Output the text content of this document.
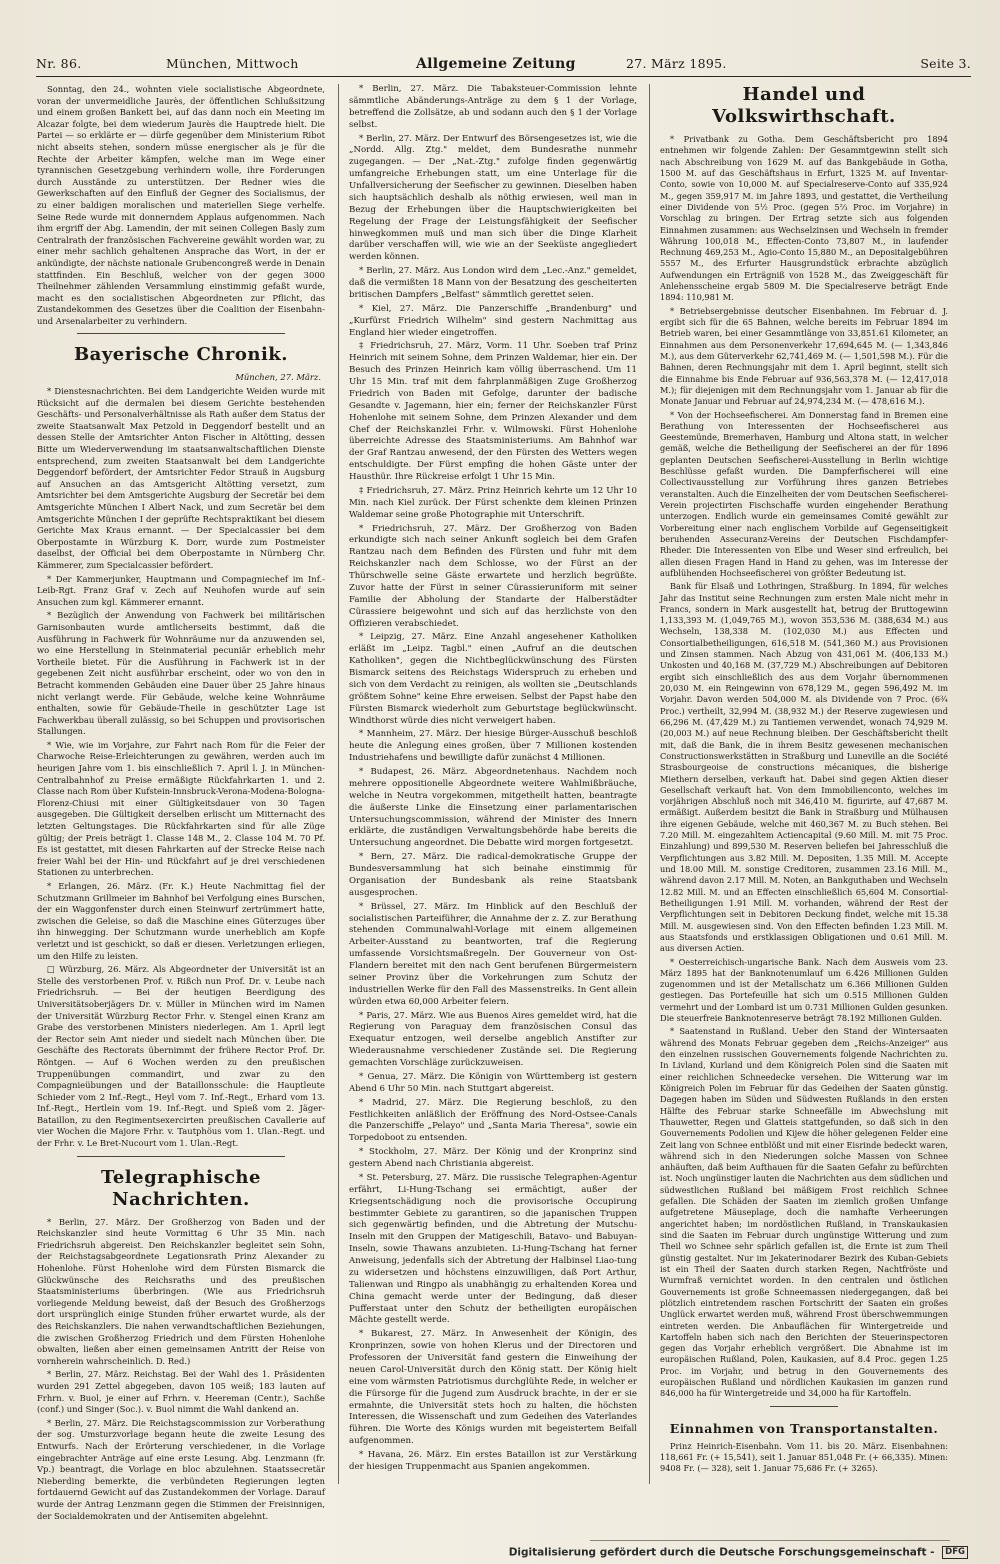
Nr. 86.	München, Mittwoch	Allgemeine Zeitung	27. März 1895.	Seite 3.

Sonntag, den 24., wohnten viele socialistische Abgeordnete, voran der unvermeidliche Jaurès, der öffentlichen Schlußsitzung und einem großen Bankett bei, auf das dann noch ein Meeting im Alcazar folgte, bei dem wiederum Jaurès die Hauptrede hielt. Die Partei — so erklärte er — dürfe gegenüber dem Ministerium Ribot nicht abseits stehen, sondern müsse energischer als je für die Rechte der Arbeiter kämpfen, welche man im Wege einer tyrannischen Gesetzgebung verhindern wolle, ihre Forderungen durch Ausstände zu unterstützen. Der Redner wies die Gewerkschaften auf den Einfluß der Gegner des Socialismus, der zu einer baldigen moralischen und materiellen Siege verhelfe. Seine Rede wurde mit donnerndem Applaus aufgenommen. Nach ihm ergriff der Abg. Lamendin, der mit seinen Collegen Basly zum Centralrath der französischen Fachvereine gewählt worden war, zu einer mehr sachlich gehaltenen Ansprache das Wort, in der er ankündigte, der nächste nationale Grubencongreß werde in Denain stattfinden. Ein Beschluß, welcher von der gegen 3000 Theilnehmer zählenden Versammlung einstimmig gefaßt wurde, macht es den socialistischen Abgeordneten zur Pflicht, das Zustandekommen des Gesetzes über die Coalition der Eisenbahn- und Arsenalarbeiter zu verhindern.

Bayerische Chronik.
München, 27. März.

* Dienstesnachrichten. Bei dem Landgerichte Weiden wurde mit Rücksicht auf die dermalen bei diesem Gerichte bestehenden Geschäfts- und Personalverhältnisse als Rath außer dem Status der zweite Staatsanwalt Max Petzold in Deggendorf bestellt und an dessen Stelle der Amtsrichter Anton Fischer in Altötting, dessen Bitte um Wiederverwendung im staatsanwaltschaftlichen Dienste entsprechend, zum zweiten Staatsanwalt bei dem Landgerichte Deggendorf befördert, der Amtsrichter Fedor Strauß in Augsburg auf Ansuchen an das Amtsgericht Altötting versetzt, zum Amtsrichter bei dem Amtsgerichte Augsburg der Secretär bei dem Amtsgerichte München I Albert Nack, und zum Secretär bei dem Amtsgerichte München I der geprüfte Rechtspraktikant bei diesem Gerichte Max Kraus ernannt. — Der Specialcassier bei dem Oberpostamte in Würzburg K. Dorr, wurde zum Postmeister daselbst, der Official bei dem Oberpostamte in Nürnberg Chr. Kämmerer, zum Specialcassier befördert.

* Der Kammerjunker, Hauptmann und Compagniechef im Inf.-Leib-Rgt. Franz Graf v. Zech auf Neuhofen wurde auf sein Ansuchen zum kgl. Kämmerer ernannt.

* Bezüglich der Anwendung von Fachwerk bei militärischen Garnisonbauten wurde amtlicherseits bestimmt, daß die Ausführung in Fachwerk für Wohnräume nur da anzuwenden sei, wo eine Herstellung in Steinmaterial pecuniär erheblich mehr Vortheile bietet. Für die Ausführung in Fachwerk ist in der gegebenen Zeit nicht ausführbar erscheint, oder wo von den in Betracht kommenden Gebäuden eine Dauer über 25 Jahre hinaus nicht verlangt werde. Für Gebäude, welche keine Wohnräume enthalten, sowie für Gebäude-Theile in geschützter Lage ist Fachwerkbau überall zulässig, so bei Schuppen und provisorischen Stallungen.

* Wie, wie im Vorjahre, zur Fahrt nach Rom für die Feier der Charwoche Reise-Erleichterungen zu gewähren, werden auch im heurigen Jahre vom 1. bis einschließlich 7. April l. J. in München-Centralbahnhof zu Preise ermäßigte Rückfahrkarten 1. und 2. Classe nach Rom über Kufstein-Innsbruck-Verona-Modena-Bologna-Florenz-Chiusi mit einer Gültigkeitsdauer von 30 Tagen ausgegeben. Die Gültigkeit derselben erlischt um Mitternacht des letzten Geltungstages. Die Rückfahrkarten sind für alle Züge gültig; der Preis beträgt 1. Classe 148 M., 2. Classe 104 M. 70 Pf. Es ist gestattet, mit diesen Fahrkarten auf der Strecke Reise nach freier Wahl bei der Hin- und Rückfahrt auf je drei verschiedenen Stationen zu unterbrechen.

* Erlangen, 26. März. (Fr. K.) Heute Nachmittag fiel der Schutzmann Grillmeier im Bahnhof bei Verfolgung eines Burschen, der ein Waggonfenster durch einen Steinwurf zertrümmert hatte, zwischen die Geleise, so daß die Maschine eines Güterzuges über ihn hinwegging. Der Schutzmann wurde unerheblich am Kopfe verletzt und ist geschickt, so daß er diesen. Verletzungen erliegen, um den Hilfe zu leisten.

□ Würzburg, 26. März. Als Abgeordneter der Universität ist an Stelle des verstorbenen Prof. v. Rißch nun Prof. Dr. v. Leube nach Friedrichsruh. — Bei der heutigen Beerdigung des Universitätsoberjägers Dr. v. Müller in München wird im Namen der Universität Würzburg Rector Frhr. v. Stengel einen Kranz am Grabe des verstorbenen Ministers niederlegen. Am 1. April legt der Rector sein Amt nieder und siedelt nach München über. Die Geschäfte des Rectorats übernimmt der frühere Rector Prof. Dr. Röntgen. — Auf 6 Wochen werden zu den preußischen Truppenübungen commandirt, und zwar zu den Compagnieübungen und der Bataillonsschule: die Hauptleute Schieder vom 2 Inf.-Regt., Heyl vom 7. Inf.-Regt., Erhard vom 13. Inf.-Regt., Hertlein vom 19. Inf.-Regt. und Spieß vom 2. Jäger-Bataillon, zu den Regimentsexercirten preußischen Cavallerie auf vier Wochen die Majore Frhr. v. Tautphöus vom 1. Ulan.-Regt. und der Frhr. v. Le Bret-Nucourt vom 1. Ulan.-Regt.

Telegraphische Nachrichten.

* Berlin, 27. März. Der Großherzog von Baden und der Reichskanzler sind heute Vormittag 6 Uhr 35 Min. nach Friedrichsruh abgereist. Den Reichskanzler begleitet sein Sohn, der Reichstagsabgeordnete Legationsrath Prinz Alexander zu Hohenlohe. Fürst Hohenlohe wird dem Fürsten Bismarck die Glückwünsche des Reichsraths und des preußischen Staatsministeriums überbringen. (Wie aus Friedrichsruh vorliegende Meldung beweist, daß der Besuch des Großherzogs dort ursprünglich einige Stunden früher erwartet wurde, als der des Reichskanzlers. Die nahen verwandtschaftlichen Beziehungen, die zwischen Großherzog Friedrich und dem Fürsten Hohenlohe obwalten, ließen aber einen gemeinsamen Antritt der Reise von vornherein wahrscheinlich. D. Red.)

* Berlin, 27. März. Reichstag. Bei der Wahl des 1. Präsidenten wurden 291 Zettel abgegeben, davon 105 weiß; 183 lauten auf Frhrn. v. Buol, je einer auf Frhrn. v. Heereman (Centr.), Sachße (conf.) und Singer (Soc.). v. Buol nimmt die Wahl dankend an.

* Berlin, 27. März. Die Reichstagscommission zur Vorberathung der sog. Umsturzvorlage begann heute die zweite Lesung des Entwurfs. Nach der Erörterung verschiedener, in die Vorlage eingebrachter Anträge auf eine erste Lesung. Abg. Lenzmann (fr. Vp.) beantragt, die Vorlage en bloc abzulehnen. Staatssecretär Nieberding bemerkte, die verbündeten Regierungen legten fortdauernd Gewicht auf das Zustandekommen der Vorlage. Darauf wurde der Antrag Lenzmann gegen die Stimmen der Freisinnigen, der Socialdemokraten und der Antisemiten abgelehnt.

* Berlin, 27. März. Die Tabaksteuer-Commission lehnte sämmtliche Abänderungs-Anträge zu dem § 1 der Vorlage, betreffend die Zollsätze, ab und sodann auch den § 1 der Vorlage selbst.

* Berlin, 27. März. Der Entwurf des Börsengesetzes ist, wie die „Nordd. Allg. Ztg." meldet, dem Bundesrathe nunmehr zugegangen. — Der „Nat.-Ztg." zufolge finden gegenwärtig umfangreiche Erhebungen statt, um eine Unterlage für die Unfallversicherung der Seefischer zu gewinnen. Dieselben haben sich hauptsächlich deshalb als nöthig erwiesen, weil man in Bezug der Erhebungen über die Hauptschwierigkeiten bei Regelung der Frage der Leistungsfähigkeit der Seefischer hinwegkommen muß und man sich über die Dinge Klarheit darüber verschaffen will, wie wie an der Seeküste angegliedert werden können.

* Berlin, 27. März. Aus London wird dem „Lec.-Anz." gemeldet, daß die vermißten 18 Mann von der Besatzung des gescheiterten britischen Dampfers „Belfast" sämmtlich gerettet seien.

* Kiel, 27. März. Die Panzerschiffe „Brandenburg" und „Kurfürst Friedrich Wilhelm" sind gestern Nachmittag aus England hier wieder eingetroffen.

‡ Friedrichsruh, 27. März, Vorm. 11 Uhr. Soeben traf Prinz Heinrich mit seinem Sohne, dem Prinzen Waldemar, hier ein. Der Besuch des Prinzen Heinrich kam völlig überraschend. Um 11 Uhr 15 Min. traf mit dem fahrplanmäßigen Zuge Großherzog Friedrich von Baden mit Gefolge, darunter der badische Gesandte v. Jagemann, hier ein; ferner der Reichskanzler Fürst Hohenlohe mit seinem Sohne, dem Prinzen Alexander und dem Chef der Reichskanzlei Frhr. v. Wilmowski. Fürst Hohenlohe überreichte Adresse des Staatsministeriums. Am Bahnhof war der Graf Rantzau anwesend, der den Fürsten des Wetters wegen entschuldigte. Der Fürst empfing die hohen Gäste unter der Hausthür. Ihre Rückreise erfolgt 1 Uhr 15 Min.

‡ Friedrichsruh, 27. März. Prinz Heinrich kehrte um 12 Uhr 10 Min. nach Kiel zurück. Der Fürst schenkte dem kleinen Prinzen Waldemar seine große Photographie mit Unterschrift.

* Friedrichsruh, 27. März. Der Großherzog von Baden erkundigte sich nach seiner Ankunft sogleich bei dem Grafen Rantzau nach dem Befinden des Fürsten und fuhr mit dem Reichskanzler nach dem Schlosse, wo der Fürst an der Thürschwelle seine Gäste erwartete und herzlich begrüßte. Zuvor hatte der Fürst in seiner Cürassieruniform mit seiner Familie der Abholung der Standarte der Halberstädter Cürassiere beigewohnt und sich auf das herzlichste von den Offizieren verabschiedet.

* Leipzig, 27. März. Eine Anzahl angesehener Katholiken erläßt im „Leipz. Tagbl." einen „Aufruf an die deutschen Katholiken", gegen die Nichtbeglückwünschung des Fürsten Bismarck seitens des Reichstags Widerspruch zu erheben und sich von dem Verdacht zu reinigen, als wollten sie „Deutschlands größtem Sohne" keine Ehre erweisen. Selbst der Papst habe den Fürsten Bismarck wiederholt zum Geburtstage beglückwünscht. Windthorst würde dies nicht verweigert haben.

* Mannheim, 27. März. Der hiesige Bürger-Ausschuß beschloß heute die Anlegung eines großen, über 7 Millionen kostenden Industriehafens und bewilligte dafür zunächst 4 Millionen.

* Budapest, 26. März. Abgeordnetenhaus. Nachdem noch mehrere oppositionelle Abgeordnete weitere Wahlmißbräuche, welche in Neutra vorgekommen, mitgetheilt hatten, beantragte die äußerste Linke die Einsetzung einer parlamentarischen Untersuchungscommission, während der Minister des Innern erklärte, die zuständigen Verwaltungsbehörde habe bereits die Untersuchung angeordnet. Die Debatte wird morgen fortgesetzt.

* Bern, 27. März. Die radical-demokratische Gruppe der Bundesversammlung hat sich beinahe einstimmig für Organisation der Bundesbank als reine Staatsbank ausgesprochen.

* Brüssel, 27. März. Im Hinblick auf den Beschluß der socialistischen Parteiführer, die Annahme der z. Z. zur Berathung stehenden Communalwahl-Vorlage mit einem allgemeinen Arbeiter-Ausstand zu beantworten, traf die Regierung umfassende Vorsichtsmaßregeln. Der Gouverneur von Ost-Flandern bereitet mit den nach Gent berufenen Bürgermeistern seiner Provinz über die Vorkehrungen zum Schutz der industriellen Werke für den Fall des Massenstreiks. In Gent allein würden etwa 60,000 Arbeiter feiern.

* Paris, 27. März. Wie aus Buenos Aires gemeldet wird, hat die Regierung von Paraguay dem französischen Consul das Exequatur entzogen, weil derselbe angeblich Anstifter zur Wiederausnahme verschiedener Zustände sei. Die Regierung gemachten Vorschläge zurückzuweisen.

* Genua, 27. März. Die Königin von Württemberg ist gestern Abend 6 Uhr 50 Min. nach Stuttgart abgereist.

* Madrid, 27. März. Die Regierung beschloß, zu den Festlichkeiten anläßlich der Eröffnung des Nord-Ostsee-Canals die Panzerschiffe „Pelayo" und „Santa Maria Theresa", sowie ein Torpedoboot zu entsenden.

* Stockholm, 27. März. Der König und der Kronprinz sind gestern Abend nach Christiania abgereist.

* St. Petersburg, 27. März. Die russische Telegraphen-Agentur erfährt, Li-Hung-Tschang sei ermächtigt, außer der Kriegsentschädigung noch die provisorische Occupirung bestimmter Gebiete zu garantiren, so die japanischen Truppen sich gegenwärtig befinden, und die Abtretung der Mutschu-Inseln mit den Gruppen der Matigeschili, Batavo- und Babuyan-Inseln, sowie Thawans anzubieten. Li-Hung-Tschang hat ferner Anweisung, jedenfalls sich der Abtretung der Halbinsel Liao-tung zu widersetzen und höchstens einzuwilligen, daß Port Arthur, Talienwan und Ringpo als unabhängig zu erhaltenden Korea und China gemacht werde unter der Bedingung, daß dieser Pufferstaat unter den Schutz der betheiligten europäischen Mächte gestellt werde.

* Bukarest, 27. März. In Anwesenheit der Königin, des Kronprinzen, sowie von hohen Klerus und der Directoren und Professoren der Universität fand gestern die Einweihung der neuen Carol-Universität durch den König statt. Der König hielt eine vom wärmsten Patriotismus durchglühte Rede, in welcher er die Fürsorge für die Jugend zum Ausdruck brachte, in der er sie ermahnte, die Universität stets hoch zu halten, die höchsten Interessen, die Wissenschaft und zum Gedeihen des Vaterlandes führen. Die Worte des Königs wurden mit begeistertem Beifall aufgenommen.

* Havana, 26. März. Ein erstes Bataillon ist zur Verstärkung der hiesigen Truppenmacht aus Spanien angekommen.

Handel und Volkswirthschaft.

* Privatbank zu Gotha. Dem Geschäftsbericht pro 1894 entnehmen wir folgende Zahlen: Der Gesammtgewinn stellt sich nach Abschreibung von 1629 M. auf das Bankgebäude in Gotha, 1500 M. auf das Geschäftshaus in Erfurt, 1325 M. auf Inventar-Conto, sowie von 10,000 M. auf Specialreserve-Conto auf 335,924 M., gegen 359,917 M. im Jahre 1893, und gestattet, die Vertheilung einer Dividende von 5½ Proc. (gegen 5⅔ Proc. im Vorjahre) in Vorschlag zu bringen. Der Ertrag setzte sich aus folgenden Einnahmen zusammen: aus Wechselzinsen und Wechseln in fremder Währung 100,018 M., Effecten-Conto 73,807 M., in laufender Rechnung 469,253 M., Agio-Conto 15,880 M., an Depositalgebühren 5557 M., des Erfurter Hausgrundstück erbrachte abzüglich Aufwendungen ein Erträgniß von 1528 M., das Zweiggeschäft für Anlehensscheine ergab 5809 M. Die Specialreserve beträgt Ende 1894: 110,981 M.

* Betriebsergebnisse deutscher Eisenbahnen. Im Februar d. J. ergibt sich für die 65 Bahnen, welche bereits im Februar 1894 im Betrieb waren, bei einer Gesammtlänge von 33,851.61 Kilometer, an Einnahmen aus dem Personenverkehr 17,694,645 M. (— 1,343,846 M.), aus dem Güterverkehr 62,741,469 M. (— 1,501,598 M.). Für die Bahnen, deren Rechnungsjahr mit dem 1. April beginnt, stellt sich die Einnahme bis Ende Februar auf 936,563,378 M. (— 12,417,018 M.); für diejenigen mit dem Rechnungsjahr vom 1. Januar ab für die Monate Januar und Februar auf 24,974,234 M. (— 478,616 M.).

* Von der Hochseefischerei. Am Donnerstag fand in Bremen eine Berathung von Interessenten der Hochseefischerei aus Geestemünde, Bremerhaven, Hamburg und Altona statt, in welcher gemäß, welche die Betheiligung der Seefischerei an der für 1896 geplanten Deutschen Seefischerei-Ausstellung in Berlin wichtige Beschlüsse gefaßt wurden. Die Dampferfischerei will eine Collectivausstellung zur Vorführung ihres ganzen Betriebes veranstalten. Auch die Einzelheiten der vom Deutschen Seefischerei-Verein projectirten Fischschaffe wurden eingehender Berathung unterzogen. Endlich wurde ein gemeinsames Comité gewählt zur Vorbereitung einer nach englischem Vorbilde auf Gegenseitigkeit beruhenden Assecuranz-Vereins der Deutschen Fischdampfer-Rheder. Die Interessenten von Elbe und Weser sind erfreulich, bei allen diesen Fragen Hand in Hand zu gehen, was im Interesse der aufblühenden Hochseefischerei von größter Bedeutung ist.

Bank für Elsaß und Lothringen, Straßburg. In 1894, für welches Jahr das Institut seine Rechnungen zum ersten Male nicht mehr in Francs, sondern in Mark ausgestellt hat, betrug der Bruttogewinn 1,133,393 M. (1,049,765 M.), wovon 353,536 M. (388,634 M.) aus Wechseln, 138,338 M. (102,030 M.) aus Effecten und Consortialbetheiligungen, 616,518 M. (541,360 M.) aus Provisionen und Zinsen stammen. Nach Abzug von 431,061 M. (406,133 M.) Unkosten und 40,168 M. (37,729 M.) Abschreibungen auf Debitoren ergibt sich einschließlich des aus dem Vorjahr übernommenen 20,030 M. ein Reingewinn von 678,129 M., gegen 596,492 M. im Vorjahr. Davon werden 504,000 M. als Dividende von 7 Proc. (6¾ Proc.) vertheilt, 32,994 M. (38,932 M.) der Reserve zugewiesen und 66,296 M. (47,429 M.) zu Tantiemen verwendet, wonach 74,929 M. (20,003 M.) auf neue Rechnung bleiben. Der Geschäftsbericht theilt mit, daß die Bank, die in ihrem Besitz gewesenen mechanischen Constructionswerkstätten in Straßburg und Luneville an die Société Strasbourgeoise de constructions mécaniques, die bisherige Miethern derselben, verkauft hat. Dabei sind gegen Aktien dieser Gesellschaft verkauft hat. Von dem Immobiliencontо, welches im vorjährigen Abschluß noch mit 346,410 M. figurirte, auf 47,687 M. ermäßigt. Außerdem besitzt die Bank in Straßburg und Mülhausen ihre eigenen Gebäude, welche mit 460,367 M. zu Buch stehen. Bei 7.20 Mill. M. eingezahltem Actiencapital (9.60 Mill. M. mit 75 Proc. Einzahlung) und 899,530 M. Reserven beliefen bei Jahresschluß die Verpflichtungen aus 3.82 Mill. M. Depositen, 1.35 Mill. M. Accepte und 18.00 Mill. M. sonstige Creditoren, zusammen 23.16 Mill. M., während davon 2.17 Mill. M. Noten, an Bankguthaben und Wechseln 12.82 Mill. M. und an Effecten einschließlich 65,604 M. Consortial-Betheiligungen 1.91 Mill. M. vorhanden, während der Rest der Verpflichtungen seit in Debitoren Deckung findet, welche mit 15.38 Mill. M. ausgewiesen sind. Von den Effecten befinden 1.23 Mill. M. aus Staatsfonds und erstklassigen Obligationen und 0.61 Mill. M. aus diversen Actien.

* Oesterreichisch-ungarische Bank. Nach dem Ausweis vom 23. März 1895 hat der Banknotenumlauf um 6.426 Millionen Gulden zugenommen und ist der Metallschatz um 6.366 Millionen Gulden gestiegen. Das Portefeuille hat sich um 0.515 Millionen Gulden vermehrt und der Lombard ist um 0.731 Millionen Gulden gesunken. Die steuerfreie Banknotenreserve beträgt 78.192 Millionen Gulden.

* Saatenstand in Rußland. Ueber den Stand der Wintersaaten während des Monats Februar gegeben dem „Reichs-Anzeiger" aus den einzelnen russischen Gouvernements folgende Nachrichten zu. In Livland, Kurland und dem Königreich Polen sind die Saaten mit einer reichlichen Schneedecke versehen. Die Witterung war im Königreich Polen im Februar für das Gedeihen der Saaten günstig. Dagegen haben im Süden und Südwesten Rußlands in den ersten Hälfte des Februar starke Schneefälle im Abwechslung mit Thauwetter, Regen und Glatteis stattgefunden, so daß sich in den Gouvernements Podolien und Kijew die höher gelegenen Felder eine Zeit lang von Schnee entblößt und mit einer Eisrinde bedeckt waren, während sich in den Niederungen solche Massen von Schnee anhäuften, daß beim Aufthauen für die Saaten Gefahr zu befürchten ist. Noch ungünstiger lauten die Nachrichten aus dem südlichen und südwestlichen Rußland bei mäßigem Frost reichlich Schnee gefallen. Die Schäden der Saaten im ziemlich großen Umfange aufgetretene Mäuseplage, doch die namhafte Verheerungen angerichtet haben; im nordöstlichen Rußland, in Transkaukasien sind die Saaten im Februar durch ungünstige Witterung und zum Theil wo Schnee sehr spärlich gefallen ist, die Ernte ist zum Theil günstig gestaltet. Nur im Jekaterinodarer Bezirk des Kuban-Gebiets ist ein Theil der Saaten durch starken Regen, Nachtfröste und Wurmfraß vernichtet worden. In den centralen und östlichen Gouvernements ist große Schneemassen niedergegangen, daß bei plötzlich eintretendem raschen Fortschritt der Saaten ein großes Unglück erwartet werden muß, während Frost überschwemmungen eintreten werden. Die Anbauflächen für Wintergetreide und Kartoffeln haben sich nach den Berichten der Steuerinspectoren gegen das Vorjahr erheblich vergrößert. Die Abnahme ist im europäischen Rußland, Polen, Kaukasien, auf 8.4 Proc. gegen 1.25 Proc. im Vorjahr, und betrug in den Gouvernements des europäischen Rußland und nördlichen Kaukasien im ganzen rund 846,000 ha für Wintergetreide und 34,000 ha für Kartoffeln.

Einnahmen von Transportanstalten.

Prinz Heinrich-Eisenbahn. Vom 11. bis 20. März. Eisenbahnen: 118,661 Fr. (+ 15,541), seit 1. Januar 851,048 Fr. (+ 66,335). Minen: 9408 Fr. (— 328), seit 1. Januar 75,686 Fr. (+ 3265).

Digitalisierung gefördert durch die Deutsche Forschungsgemeinschaft - DFG
